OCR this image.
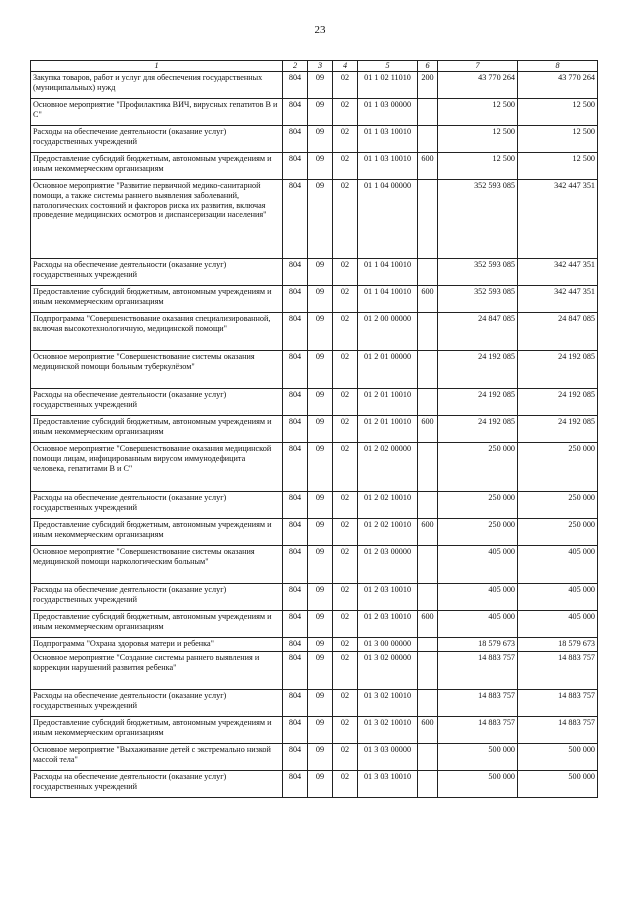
23
1	2	3	4	5	6	7	8
Закупка товаров, работ и услуг для обеспечения государственных (муниципальных) нужд	804	09	02	01 1 02 11010	200	43 770 264	43 770 264
Основное мероприятие "Профилактика ВИЧ, вирусных гепатитов В и С"	804	09	02	01 1 03 00000		12 500	12 500
Расходы на обеспечение деятельности (оказание услуг) государственных учреждений	804	09	02	01 1 03 10010		12 500	12 500
Предоставление субсидий бюджетным, автономным учреждениям и иным некоммерческим организациям	804	09	02	01 1 03 10010	600	12 500	12 500
Основное мероприятие "Развитие первичной медико-санитарной помощи, а также системы раннего выявления заболеваний, патологических состояний и факторов риска их развития, включая проведение медицинских осмотров и диспансеризации населения"	804	09	02	01 1 04 00000		352 593 085	342 447 351
Расходы на обеспечение деятельности (оказание услуг) государственных учреждений	804	09	02	01 1 04 10010		352 593 085	342 447 351
Предоставление субсидий бюджетным, автономным учреждениям и иным некоммерческим организациям	804	09	02	01 1 04 10010	600	352 593 085	342 447 351
Подпрограмма "Совершенствование оказания специализированной, включая высокотехнологичную, медицинской помощи"	804	09	02	01 2 00 00000		24 847 085	24 847 085
Основное мероприятие "Совершенствование системы оказания медицинской помощи больным туберкулёзом"	804	09	02	01 2 01 00000		24 192 085	24 192 085
Расходы на обеспечение деятельности (оказание услуг) государственных учреждений	804	09	02	01 2 01 10010		24 192 085	24 192 085
Предоставление субсидий бюджетным, автономным учреждениям и иным некоммерческим организациям	804	09	02	01 2 01 10010	600	24 192 085	24 192 085
Основное мероприятие "Совершенствование оказания медицинской помощи лицам, инфицированным вирусом иммунодефицита человека, гепатитами В и С"	804	09	02	01 2 02 00000		250 000	250 000
Расходы на обеспечение деятельности (оказание услуг) государственных учреждений	804	09	02	01 2 02 10010		250 000	250 000
Предоставление субсидий бюджетным, автономным учреждениям и иным некоммерческим организациям	804	09	02	01 2 02 10010	600	250 000	250 000
Основное мероприятие "Совершенствование системы оказания медицинской помощи наркологическим больным"	804	09	02	01 2 03 00000		405 000	405 000
Расходы на обеспечение деятельности (оказание услуг) государственных учреждений	804	09	02	01 2 03 10010		405 000	405 000
Предоставление субсидий бюджетным, автономным учреждениям и иным некоммерческим организациям	804	09	02	01 2 03 10010	600	405 000	405 000
Подпрограмма "Охрана здоровья матери и ребенка"	804	09	02	01 3 00 00000		18 579 673	18 579 673
Основное мероприятие "Создание системы раннего выявления и коррекции нарушений развития ребенка"	804	09	02	01 3 02 00000		14 883 757	14 883 757
Расходы на обеспечение деятельности (оказание услуг) государственных учреждений	804	09	02	01 3 02 10010		14 883 757	14 883 757
Предоставление субсидий бюджетным, автономным учреждениям и иным некоммерческим организациям	804	09	02	01 3 02 10010	600	14 883 757	14 883 757
Основное мероприятие "Выхаживание детей с экстремально низкой массой тела"	804	09	02	01 3 03 00000		500 000	500 000
Расходы на обеспечение деятельности (оказание услуг) государственных учреждений	804	09	02	01 3 03 10010		500 000	500 000
